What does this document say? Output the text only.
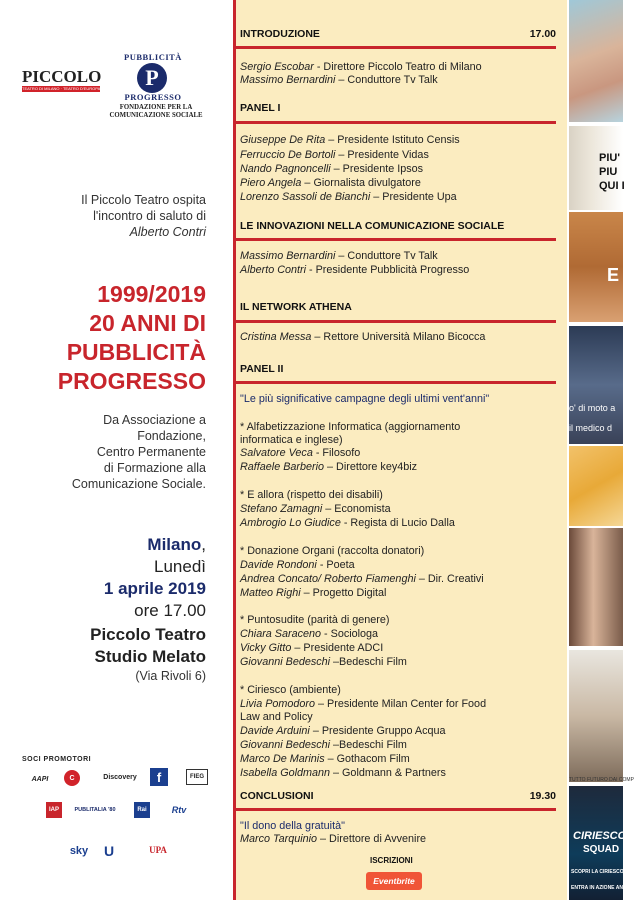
PICCOLO
TEATRO DI MILANO · TEATRO D'EUROPA
PUBBLICITÀ
P
PROGRESSO
FONDAZIONE PER LA
COMUNICAZIONE SOCIALE
Il Piccolo Teatro ospita
l'incontro di saluto di
Alberto Contri
1999/2019
20 ANNI DI
PUBBLICITÀ
PROGRESSO
Da Associazione a
Fondazione,
Centro Permanente
di Formazione alla
Comunicazione Sociale.
Milano,
Lunedì
1 aprile 2019
ore 17.00
Piccolo Teatro
Studio Melato
(Via Rivoli 6)
SOCI PROMOTORI
AAPI	C	Discovery	f	FIEG
IAP	PUBLITALIA '80	Rai	Rtv
sky U	UPA
INTRODUZIONE	17.00
Sergio Escobar - Direttore Piccolo Teatro di Milano
Massimo Bernardini – Conduttore Tv Talk
PANEL I
Giuseppe De Rita – Presidente Istituto Censis
Ferruccio De Bortoli – Presidente Vidas
Nando Pagnoncelli – Presidente Ipsos
Piero Angela – Giornalista divulgatore
Lorenzo Sassoli de Bianchi – Presidente Upa
LE INNOVAZIONI NELLA COMUNICAZIONE SOCIALE
Massimo Bernardini – Conduttore Tv Talk
Alberto Contri - Presidente Pubblicità Progresso
IL NETWORK ATHENA
Cristina Messa – Rettore Università Milano Bicocca
PANEL II
"Le più significative campagne degli ultimi vent'anni"
* Alfabetizzazione Informatica (aggiornamento
informatica e inglese)
Salvatore Veca - Filosofo
Raffaele Barberio – Direttore key4biz
* E allora (rispetto dei disabili)
Stefano Zamagni – Economista
Ambrogio Lo Giudice - Regista di Lucio Dalla
* Donazione Organi (raccolta donatori)
Davide Rondoni - Poeta
Andrea Concato/ Roberto Fiamenghi – Dir. Creativi
Matteo Righi – Progetto Digital
* Puntosudite (parità di genere)
Chiara Saraceno - Sociologa
Vicky Gitto – Presidente ADCI
Giovanni Bedeschi –Bedeschi Film
* Ciriesco (ambiente)
Livia Pomodoro – Presidente Milan Center for Food
Law and Policy
Davide Arduini – Presidente Gruppo Acqua
Giovanni Bedeschi –Bedeschi Film
Marco De Marinis – Gothacom Film
Isabella Goldmann – Goldmann & Partners
CONCLUSIONI	19.30
"Il dono della gratuità"
Marco Tarquinio – Direttore di Avvenire
ISCRIZIONI
Eventbrite
PIU'
PIU
QUI I
E
o' di moto a
il medico d
TUTTO FUTURO DAI COMP
CIRIESCO
SQUAD
SCOPRI LA CIRIESCO SQUAD
ENTRA IN AZIONE ANCH
